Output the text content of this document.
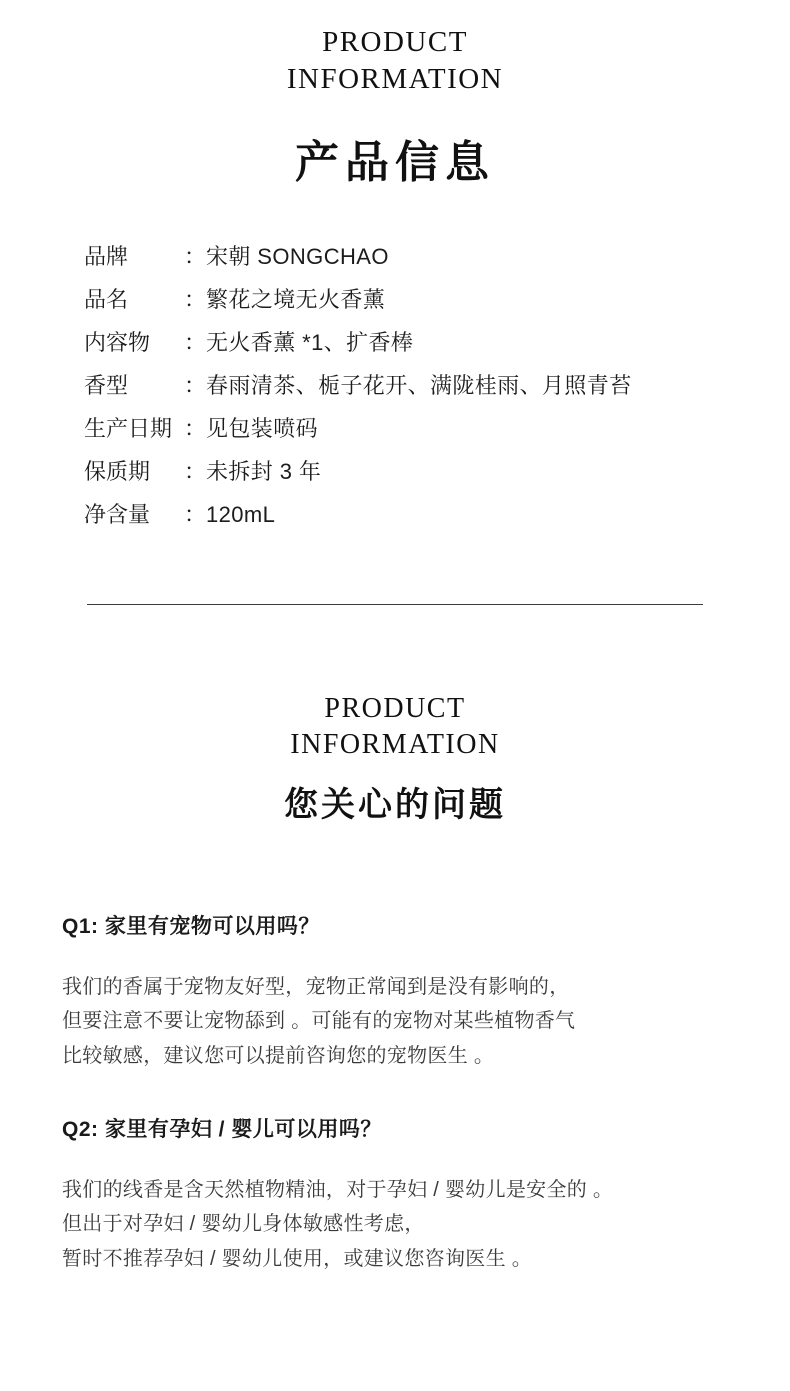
PRODUCT
INFORMATION
产品信息
品牌	： 宋朝 SONGCHAO
品名	： 繁花之境无火香薰
内容物	： 无火香薰 *1、扩香棒
香型	： 春雨清茶、栀子花开、满陇桂雨、月照青苔
生产日期 ： 见包装喷码
保质期	： 未拆封 3 年
净含量	： 120mL
PRODUCT
INFORMATION
您关心的问题
Q1: 家里有宠物可以用吗？
我们的香属于宠物友好型，宠物正常闻到是没有影响的，
但要注意不要让宠物舔到 。可能有的宠物对某些植物香气
比较敏感，建议您可以提前咨询您的宠物医生 。
Q2: 家里有孕妇 / 婴儿可以用吗？
我们的线香是含天然植物精油，对于孕妇 / 婴幼儿是安全的 。
但出于对孕妇 / 婴幼儿身体敏感性考虑，
暂时不推荐孕妇 / 婴幼儿使用，或建议您咨询医生 。
